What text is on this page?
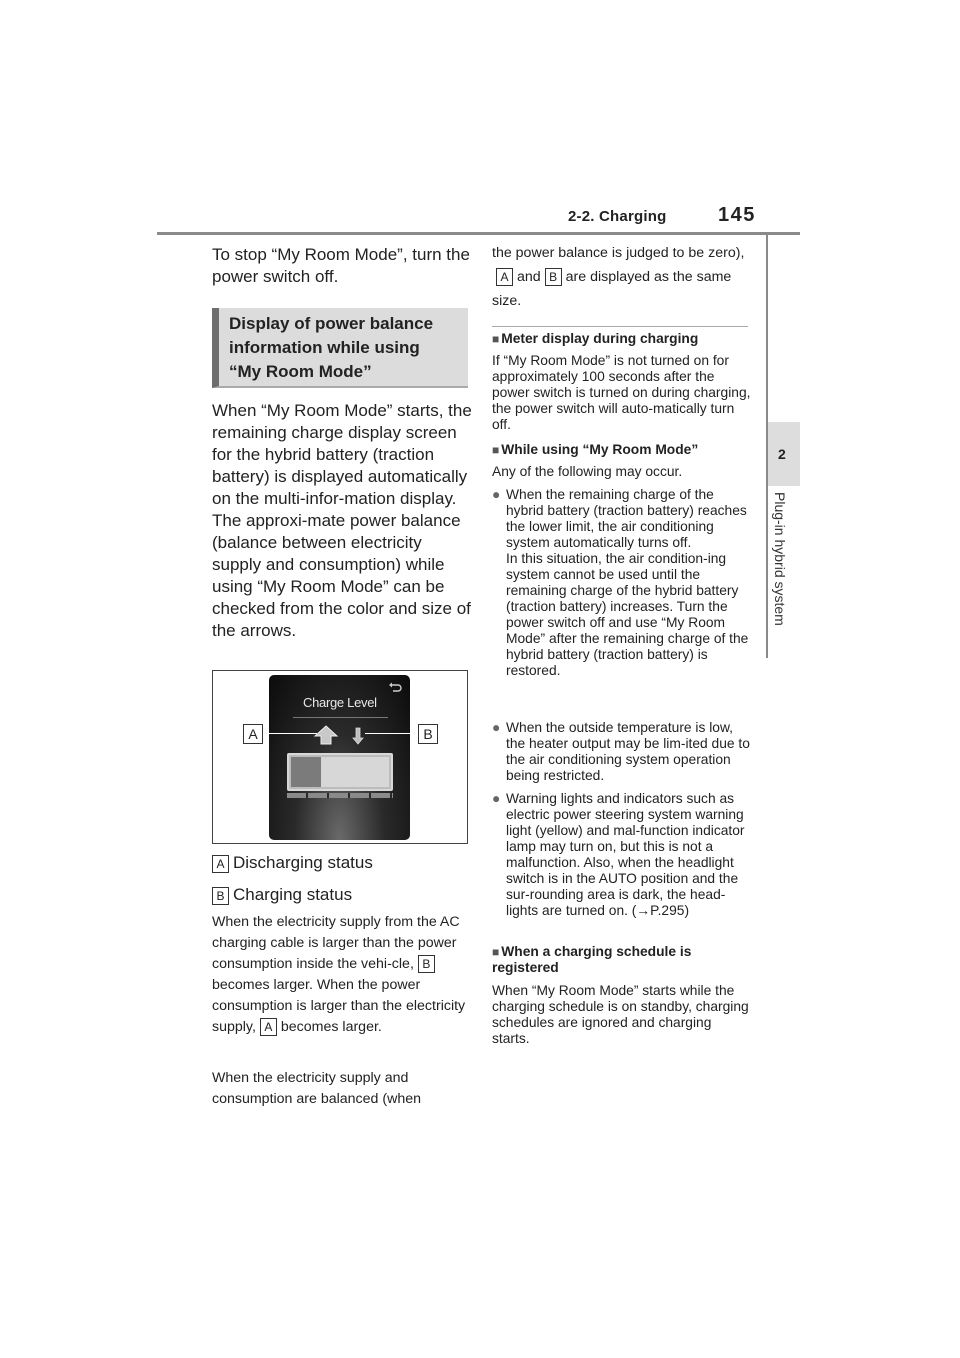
2-2. Charging	145
2
Plug-in hybrid system

To stop “My Room Mode”, turn the power switch off.

Display of power balance

information while using

“My Room Mode”

When “My Room Mode” starts, the remaining charge display screen for the hybrid battery (traction battery) is displayed automatically on the multi-infor-mation display. The approxi-mate power balance (balance between electricity supply and consumption) while using “My Room Mode” can be checked from the color and size of the arrows.

Charge Level
A	B
A Discharging status
B Charging status

When the electricity supply from the AC charging cable is larger than the power consumption inside the vehi-cle, Bbecomes larger. When the power consumption is larger than the electricity supply, A becomes larger.

When the electricity supply and consumption are balanced (when

the power balance is judged to be zero),A and B are displayed as the same size.

■ Meter display during charging

If “My Room Mode” is not turned on for approximately 100 seconds after the power switch is turned on during charging, the power switch will auto-matically turn off.

■ While using “My Room Mode”

Any of the following may occur.

● When the remaining charge of the hybrid battery (traction battery) reaches the lower limit, the air conditioning system automatically turns off.
In this situation, the air condition-ing system cannot be used until the remaining charge of the hybrid battery (traction battery) increases. Turn the power switch off and use “My Room Mode” after the remaining charge of the hybrid battery (traction battery) is restored.
● When the outside temperature is low, the heater output may be lim-ited due to the air conditioning system operation being restricted.
● Warning lights and indicators such as electric power steering system warning light (yellow) and mal-function indicator lamp may turn on, but this is not a malfunction. Also, when the headlight switch is in the AUTO position and the sur-rounding area is dark, the head-lights are turned on. (→P.295)

■ When a charging schedule is registered

When “My Room Mode” starts while the charging schedule is on standby, charging schedules are ignored and charging starts.
